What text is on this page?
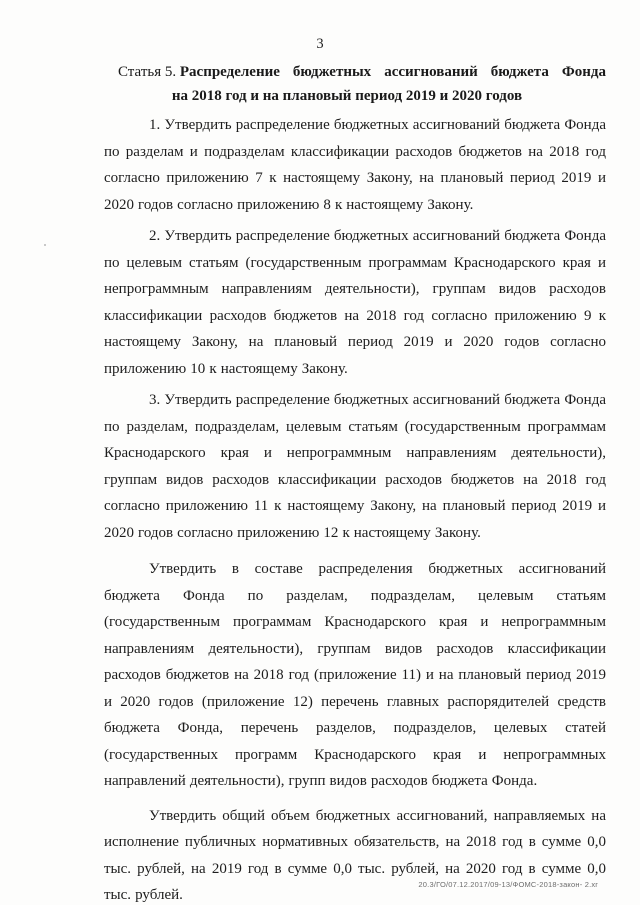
3
Статья 5.
Распределение бюджетных ассигнований бюджета Фонда
на 2018 год и на плановый период 2019 и 2020 годов

1. Утвердить распределение бюджетных ассигнований бюджета Фонда по разделам и подразделам классификации расходов бюджетов на 2018 год согласно приложению 7 к настоящему Закону, на плановый период 2019 и 2020 годов согласно приложению 8 к настоящему Закону.

2. Утвердить распределение бюджетных ассигнований бюджета Фонда по целевым статьям (государственным программам Краснодарского края и непрограммным направлениям деятельности), группам видов расходов классификации расходов бюджетов на 2018 год согласно приложению 9 к настоящему Закону, на плановый период 2019 и 2020 годов согласно приложению 10 к настоящему Закону.

3. Утвердить распределение бюджетных ассигнований бюджета Фонда по разделам, подразделам, целевым статьям (государственным программам Краснодарского края и непрограммным направлениям деятельности), группам видов расходов классификации расходов бюджетов на 2018 год согласно приложению 11 к настоящему Закону, на плановый период 2019 и 2020 годов согласно приложению 12 к настоящему Закону.

Утвердить в составе распределения бюджетных ассигнований бюджета Фонда по разделам, подразделам, целевым статьям (государственным программам Краснодарского края и непрограммным направлениям деятельности), группам видов расходов классификации расходов бюджетов на 2018 год (приложение 11) и на плановый период 2019 и 2020 годов (приложение 12) перечень главных распорядителей средств бюджета Фонда, перечень разделов, подразделов, целевых статей (государственных программ Краснодарского края и непрограммных направлений деятельности), групп видов расходов бюджета Фонда.

Утвердить общий объем бюджетных ассигнований, направляемых на исполнение публичных нормативных обязательств, на 2018 год в сумме 0,0 тыс. рублей, на 2019 год в сумме 0,0 тыс. рублей, на 2020 год в сумме 0,0 тыс. рублей.

20.3/ГО/07.12.2017/09-13/ФОМС-2018-закон- 2.xr
